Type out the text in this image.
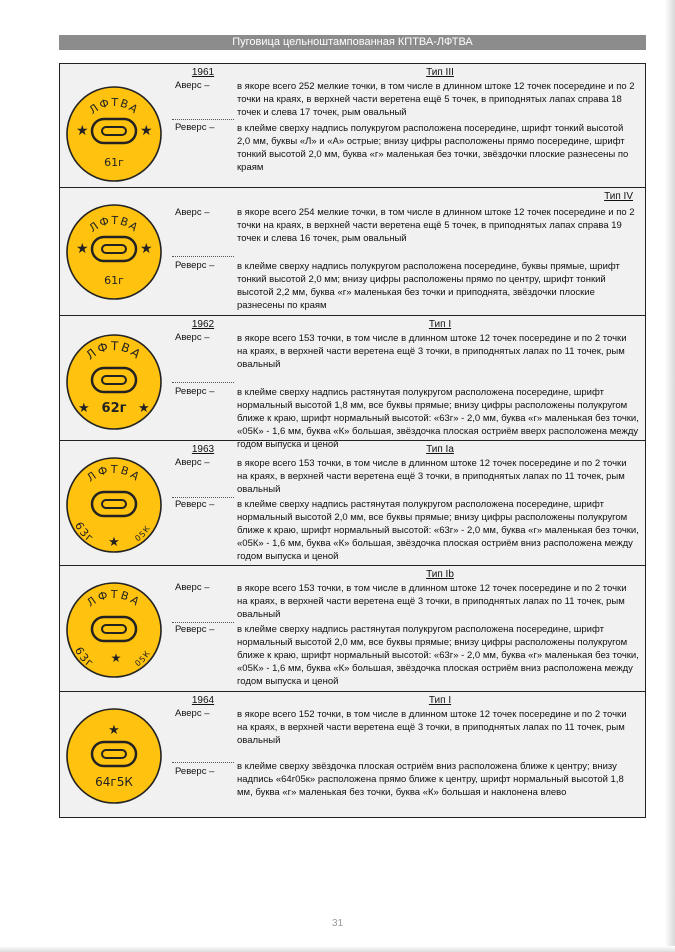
Пуговица цельноштампованная КПТВА-ЛФТВА
ЛФТВА
★	★
61г
1961	Тип III
Аверс –	в якоре всего 252 мелкие точки, в том числе в длинном штоке 12 точек посередине и по 2 точки на краях, в верхней части веретена ещё 5 точек, в приподнятых лапах справа 18 точек и слева 17 точек, рым овальный
Реверс – в клейме сверху надпись полукругом расположена посередине, шрифт тонкий высотой 2,0 мм, буквы «Л» и «А» острые; внизу цифры расположены прямо посередине, шрифт тонкий высотой 2,0 мм, буква «г» маленькая без точки, звёздочки плоские разнесены по краям
ЛФТВА
★	★
61г
Тип IV
Аверс –	в якоре всего 254 мелкие точки, в том числе в длинном штоке 12 точек посередине и по 2 точки на краях, в верхней части веретена ещё 5 точек, в приподнятых лапах справа 19 точек и слева 16 точек, рым овальный
Реверс – в клейме сверху надпись полукругом расположена посередине, буквы прямые, шрифт тонкий высотой 2,0 мм; внизу цифры расположены прямо по центру, шрифт тонкий высотой 2,2 мм, буква «г» маленькая без точки и приподнята, звёздочки плоские разнесены по краям
ЛФТВА
★	★
62г
1962	Тип I
Аверс –	в якоре всего 153 точки, в том числе в длинном штоке 12 точек посередине и по 2 точки на краях, в верхней части веретена ещё 3 точки, в приподнятых лапах по 11 точек, рым овальный
Реверс – в клейме сверху надпись растянутая полукругом расположена посередине, шрифт нормальный высотой 1,8 мм, все буквы прямые; внизу цифры расположены полукругом ближе к краю, шрифт нормальный высотой: «63г» - 2,0 мм, буква «г» маленькая без точки, «05К» - 1,6 мм, буква «К» большая, звёздочка плоская остриём вверх расположена между годом выпуска и ценой
ЛФТВА
63г	05К
★
1963	Тип Ia
Аверс –	в якоре всего 153 точки, в том числе в длинном штоке 12 точек посередине и по 2 точки на краях, в верхней части веретена ещё 3 точки, в приподнятых лапах по 11 точек, рым овальный
Реверс – в клейме сверху надпись растянутая полукругом расположена посередине, шрифт нормальный высотой 2,0 мм, все буквы прямые; внизу цифры расположены полукругом ближе к краю, шрифт нормальный высотой: «63г» - 2,0 мм, буква «г» маленькая без точки, «05К» - 1,6 мм, буква «К» большая, звёздочка плоская остриём вниз расположена между годом выпуска и ценой
ЛФТВА
63г	05К
★
Тип Ib
Аверс –	в якоре всего 153 точки, в том числе в длинном штоке 12 точек посередине и по 2 точки на краях, в верхней части веретена ещё 3 точки, в приподнятых лапах по 11 точек, рым овальный
Реверс – в клейме сверху надпись растянутая полукругом расположена посередине, шрифт нормальный высотой 2,0 мм, все буквы прямые; внизу цифры расположены полукругом ближе к краю, шрифт нормальный высотой: «63г» - 2,0 мм, буква «г» маленькая без точки, «05К» - 1,6 мм, буква «К» большая, звёздочка плоская остриём вниз расположена между годом выпуска и ценой
★
64г5К
1964	Тип I
Аверс –	в якоре всего 152 точки, в том числе в длинном штоке 12 точек посередине и по 2 точки на краях, в верхней части веретена ещё 3 точки, в приподнятых лапах по 11 точек, рым овальный
Реверс – в клейме сверху звёздочка плоская остриём вниз расположена ближе к центру; внизу надпись «64г05к» расположена прямо ближе к центру, шрифт нормальный высотой 1,8 мм, буква «г» маленькая без точки, буква «К» большая и наклонена влево
31
